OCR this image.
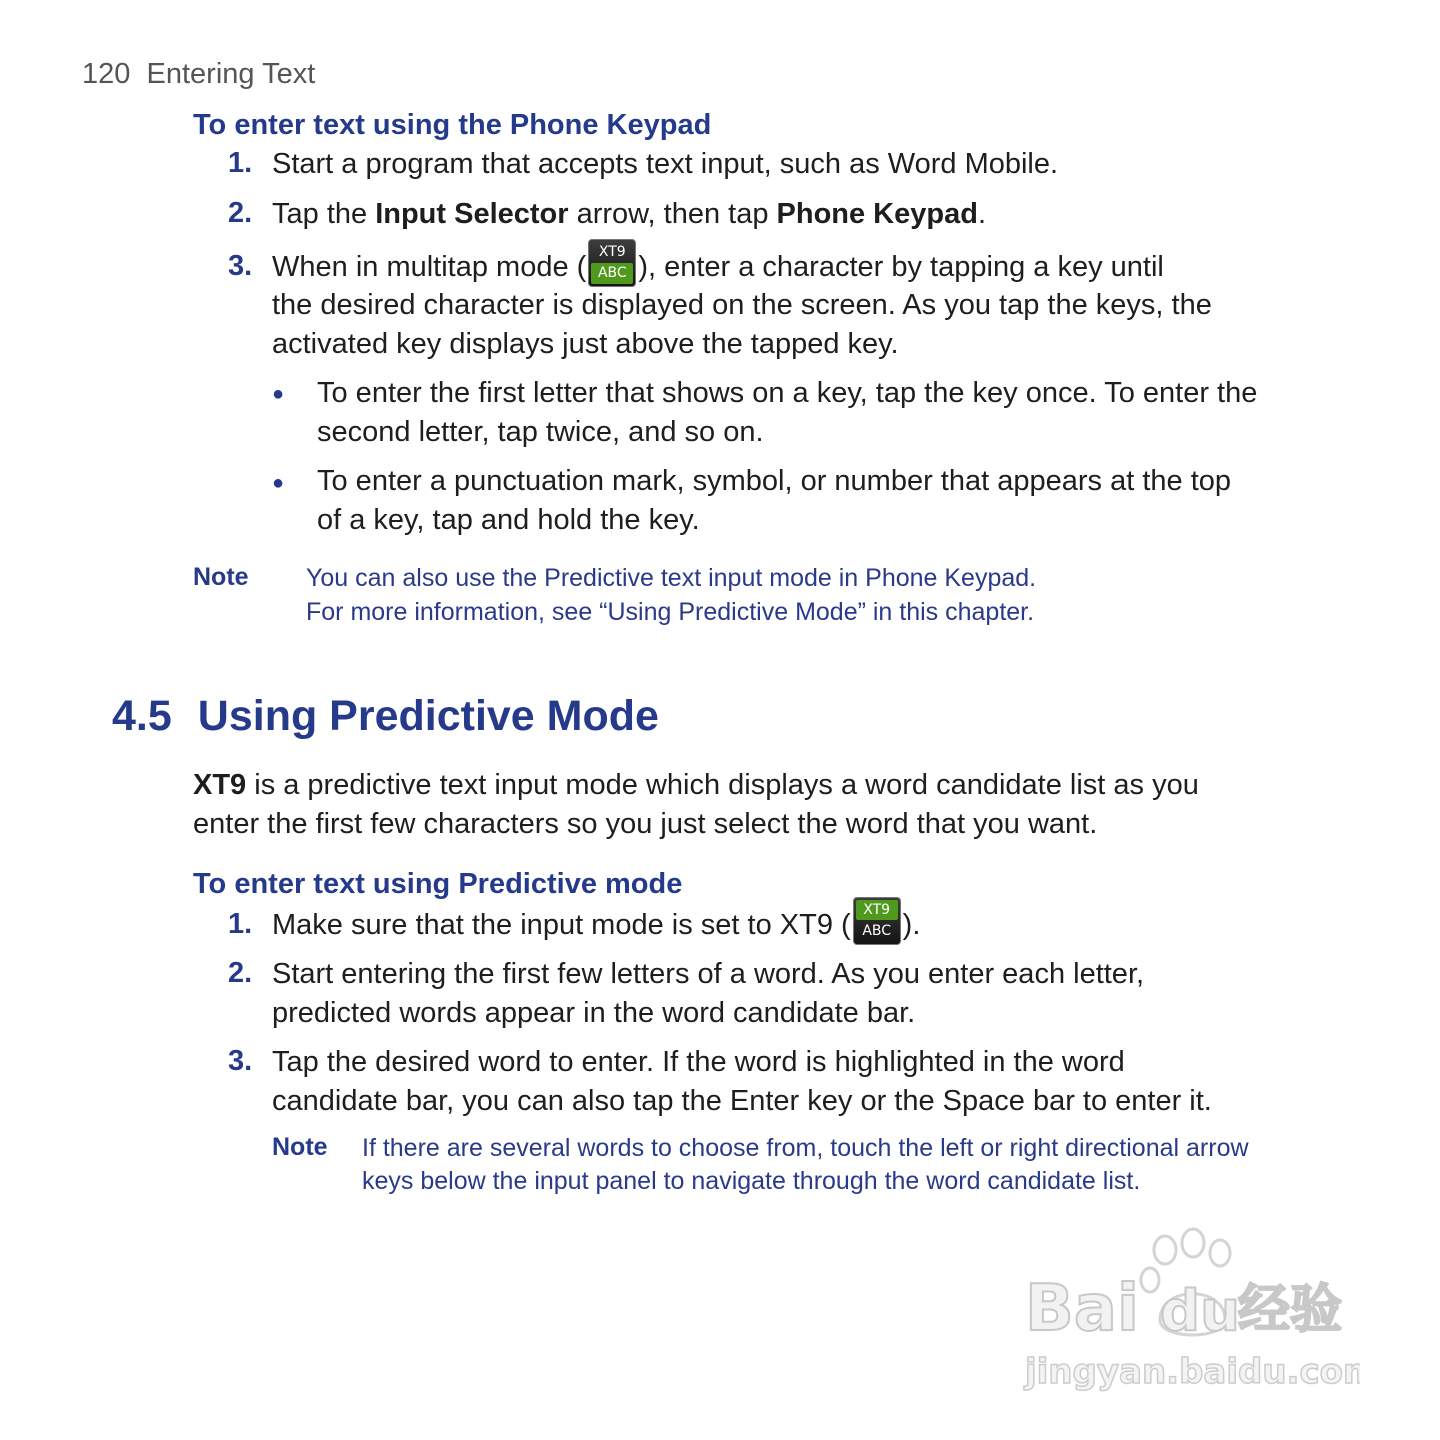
120 Entering Text
To enter text using the Phone Keypad
1. Start a program that accepts text input, such as Word Mobile.
2. Tap the Input Selector arrow, then tap Phone Keypad.
3. When in multitap mode ( XT9
ABC ), enter a character by tapping a key until
the desired character is displayed on the screen. As you tap the keys, the
activated key displays just above the tapped key.
● To enter the first letter that shows on a key, tap the key once. To enter the
second letter, tap twice, and so on.
● To enter a punctuation mark, symbol, or number that appears at the top
of a key, tap and hold the key.
Note You can also use the Predictive text input mode in Phone Keypad.
For more information, see “Using Predictive Mode” in this chapter.
4.5 Using Predictive Mode
XT9 is a predictive text input mode which displays a word candidate list as you
enter the first few characters so you just select the word that you want.
To enter text using Predictive mode
1. Make sure that the input mode is set to XT9 ( XT9
ABC ).
2. Start entering the first few letters of a word. As you enter each letter,
predicted words appear in the word candidate bar.
3. Tap the desired word to enter. If the word is highlighted in the word
candidate bar, you can also tap the Enter key or the Space bar to enter it.
Note If there are several words to choose from, touch the left or right directional arrow
keys below the input panel to navigate through the word candidate list.
Bai du
经验
jingyan.baidu.com
